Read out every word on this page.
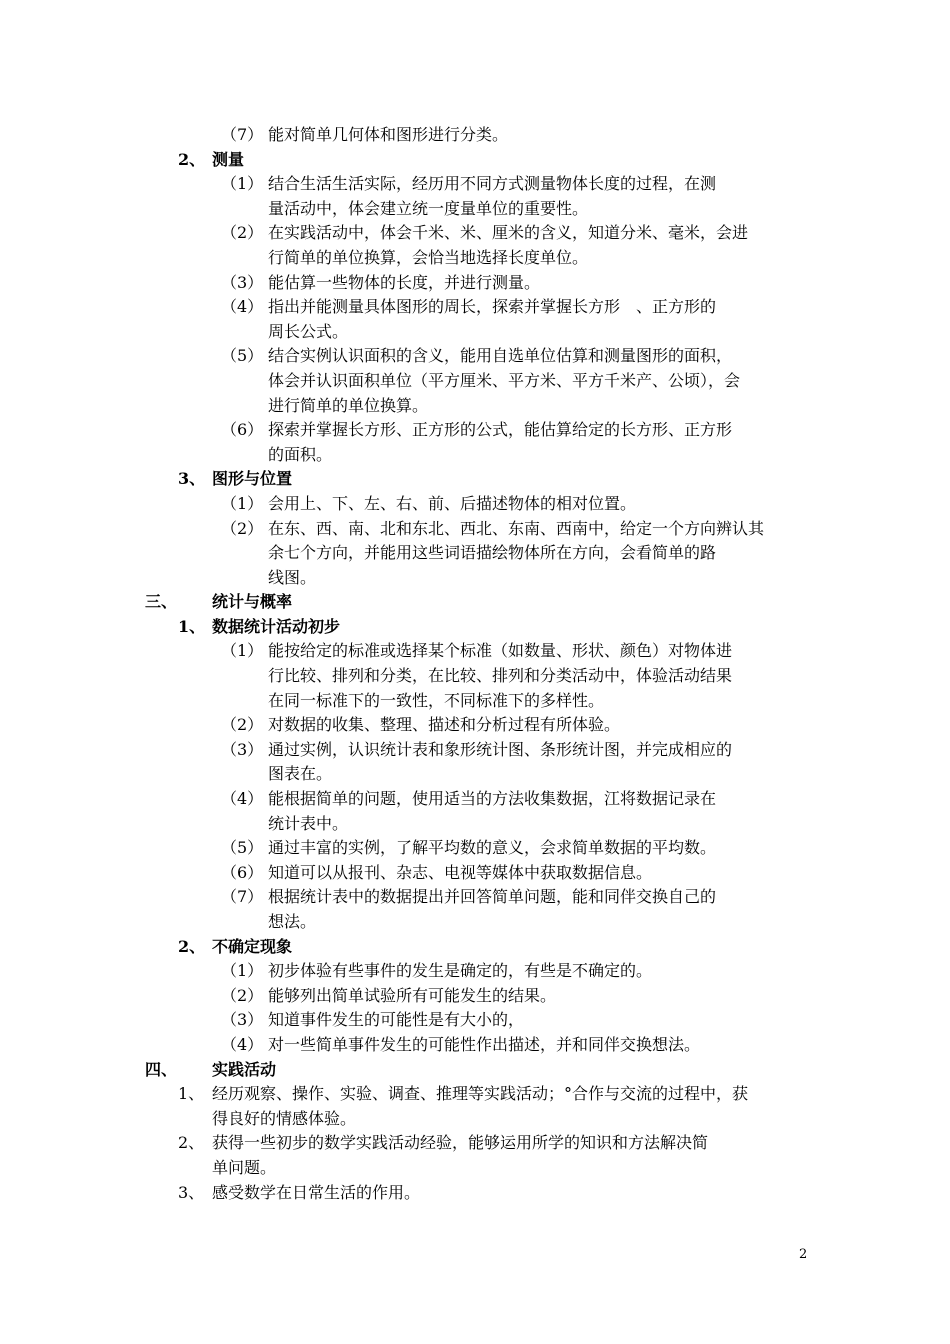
（7） 能对简单几何体和图形进行分类。
2、 测量
（1） 结合生活生活实际，经历用不同方式测量物体长度的过程，在测
量活动中，体会建立统一度量单位的重要性。
（2） 在实践活动中，体会千米、米、厘米的含义，知道分米、毫米，会进
行简单的单位换算，会恰当地选择长度单位。
（3） 能估算一些物体的长度，并进行测量。
（4） 指出并能测量具体图形的周长，探索并掌握长方形　、正方形的
周长公式。
（5） 结合实例认识面积的含义，能用自选单位估算和测量图形的面积，
体会并认识面积单位（平方厘米、平方米、平方千米产、公顷），会
进行简单的单位换算。
（6） 探索并掌握长方形、正方形的公式，能估算给定的长方形、正方形
的面积。
3、 图形与位置
（1） 会用上、下、左、右、前、后描述物体的相对位置。
（2） 在东、西、南、北和东北、西北、东南、西南中，给定一个方向辨认其
余七个方向，并能用这些词语描绘物体所在方向，会看简单的路
线图。
三、 统计与概率
1、 数据统计活动初步
（1） 能按给定的标准或选择某个标准（如数量、形状、颜色）对物体进
行比较、排列和分类，在比较、排列和分类活动中，体验活动结果
在同一标准下的一致性，不同标准下的多样性。
（2） 对数据的收集、整理、描述和分析过程有所体验。
（3） 通过实例，认识统计表和象形统计图、条形统计图，并完成相应的
图表在。
（4） 能根据简单的问题，使用适当的方法收集数据，江将数据记录在
统计表中。
（5） 通过丰富的实例，了解平均数的意义，会求简单数据的平均数。
（6） 知道可以从报刊、杂志、电视等媒体中获取数据信息。
（7） 根据统计表中的数据提出并回答简单问题，能和同伴交换自己的
想法。
2、 不确定现象
（1） 初步体验有些事件的发生是确定的，有些是不确定的。
（2） 能够列出简单试验所有可能发生的结果。
（3） 知道事件发生的可能性是有大小的，
（4） 对一些简单事件发生的可能性作出描述，并和同伴交换想法。
四、 实践活动
1、 经历观察、操作、实验、调查、推理等实践活动；°合作与交流的过程中，获
得良好的情感体验。
2、 获得一些初步的数学实践活动经验，能够运用所学的知识和方法解决简
单问题。
3、 感受数学在日常生活的作用。
2
